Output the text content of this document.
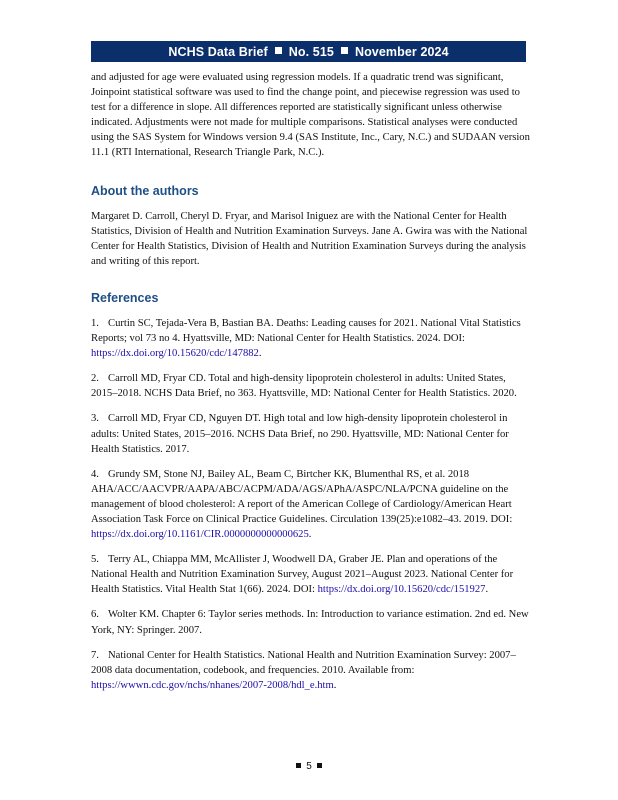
NCHS Data Brief No. 515 November 2024

and adjusted for age were evaluated using regression models. If a quadratic trend was significant, Joinpoint statistical software was used to find the change point, and piecewise regression was used to test for a difference in slope. All differences reported are statistically significant unless otherwise indicated. Adjustments were not made for multiple comparisons. Statistical analyses were conducted using the SAS System for Windows version 9.4 (SAS Institute, Inc., Cary, N.C.) and SUDAAN version 11.1 (RTI International, Research Triangle Park, N.C.).

About the authors

Margaret D. Carroll, Cheryl D. Fryar, and Marisol Iniguez are with the National Center for Health Statistics, Division of Health and Nutrition Examination Surveys. Jane A. Gwira was with the National Center for Health Statistics, Division of Health and Nutrition Examination Surveys during the analysis and writing of this report.

References

1. Curtin SC, Tejada-Vera B, Bastian BA. Deaths: Leading causes for 2021. National Vital Statistics Reports; vol 73 no 4. Hyattsville, MD: National Center for Health Statistics. 2024. DOI: https://dx.doi.org/10.15620/cdc/147882.

2. Carroll MD, Fryar CD. Total and high-density lipoprotein cholesterol in adults: United States, 2015–2018. NCHS Data Brief, no 363. Hyattsville, MD: National Center for Health Statistics. 2020.

3. Carroll MD, Fryar CD, Nguyen DT. High total and low high-density lipoprotein cholesterol in adults: United States, 2015–2016. NCHS Data Brief, no 290. Hyattsville, MD: National Center for Health Statistics. 2017.

4. Grundy SM, Stone NJ, Bailey AL, Beam C, Birtcher KK, Blumenthal RS, et al. 2018 AHA/ACC/AACVPR/AAPA/ABC/ACPM/ADA/AGS/APhA/ASPC/NLA/PCNA guideline on the management of blood cholesterol: A report of the American College of Cardiology/American Heart Association Task Force on Clinical Practice Guidelines. Circulation 139(25):e1082–43. 2019. DOI: https://dx.doi.org/10.1161/CIR.0000000000000625.

5. Terry AL, Chiappa MM, McAllister J, Woodwell DA, Graber JE. Plan and operations of the National Health and Nutrition Examination Survey, August 2021–August 2023. National Center for Health Statistics. Vital Health Stat 1(66). 2024. DOI: https://dx.doi.org/10.15620/cdc/151927.

6. Wolter KM. Chapter 6: Taylor series methods. In: Introduction to variance estimation. 2nd ed. New York, NY: Springer. 2007.

7. National Center for Health Statistics. National Health and Nutrition Examination Survey: 2007–2008 data documentation, codebook, and frequencies. 2010. Available from: https://wwwn.cdc.gov/nchs/nhanes/2007-2008/hdl_e.htm.

5
